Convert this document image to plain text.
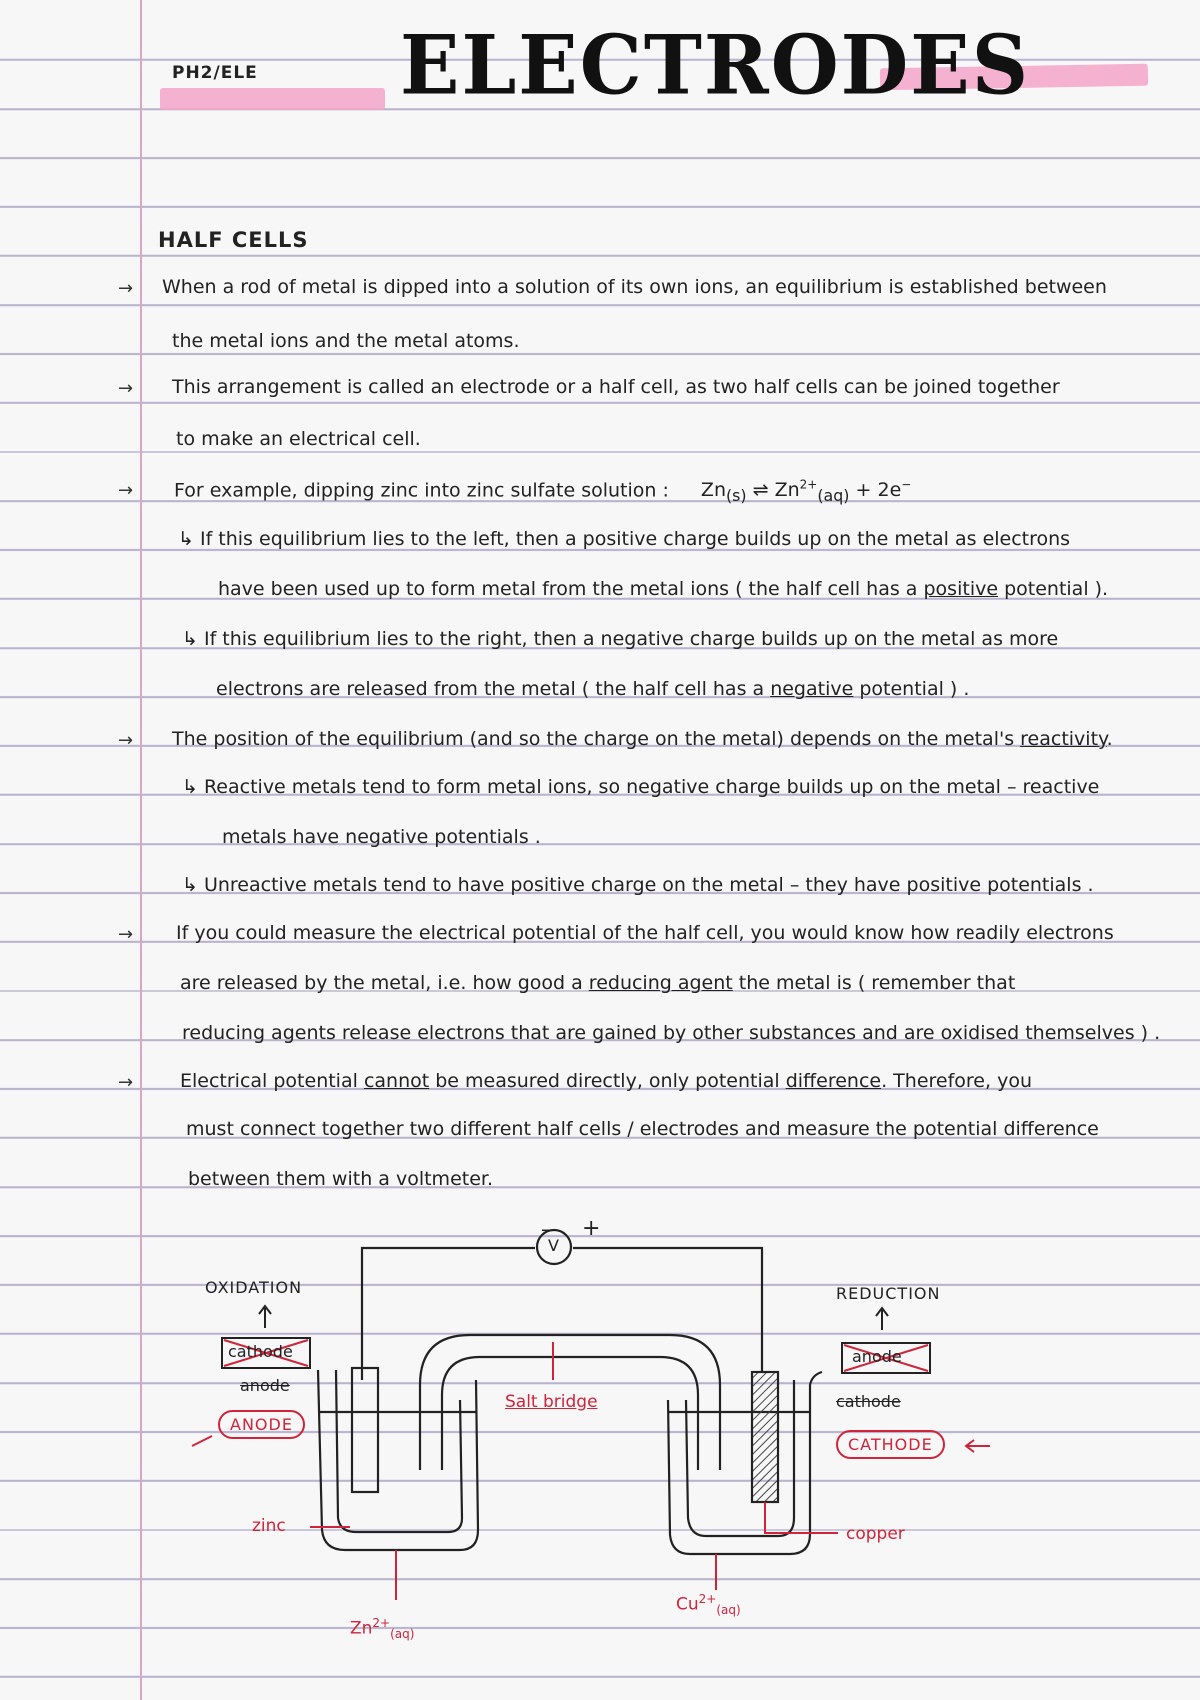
PH2/ELE ELECTRODES
HALF CELLS
→ When a rod of metal is dipped into a solution of its own ions, an equilibrium is established between
the metal ions and the metal atoms.
→ This arrangement is called an electrode or a half cell, as two half cells can be joined together
to make an electrical cell.
→ For example, dipping zinc into zinc sulfate solution : $Zn_{(s)}$ ⇌ $Zn^{2+}_{(aq)} + 2e^-$
↳ If this equilibrium lies to the left, then a positive charge builds up on the metal as electrons
have been used up to form metal from the metal ions ( the half cell has a positive potential ).
↳ If this equilibrium lies to the right, then a negative charge builds up on the metal as more
electrons are released from the metal ( the half cell has a negative potential ) .
→ The position of the equilibrium (and so the charge on the metal) depends on the metal's reactivity.
↳ Reactive metals tend to form metal ions, so negative charge builds up on the metal – reactive
metals have negative potentials .
↳ Unreactive metals tend to have positive charge on the metal – they have positive potentials .
→ If you could measure the electrical potential of the half cell, you would know how readily electrons
are released by the metal, i.e. how good a reducing agent the metal is ( remember that
reducing agents release electrons that are gained by other substances and are oxidised themselves ) .
→ Electrical potential cannot be measured directly, only potential difference. Therefore, you
must connect together two different half cells / electrodes and measure the potential difference
between them with a voltmeter.
−
V
+
OXIDATION	REDUCTION
cathode
anode
ANODE
anode
cathode
CATHODE
Salt bridge
zinc	copper
$Zn^{2+}_{(aq)}$
$Cu^{2+}_{(aq)}$
